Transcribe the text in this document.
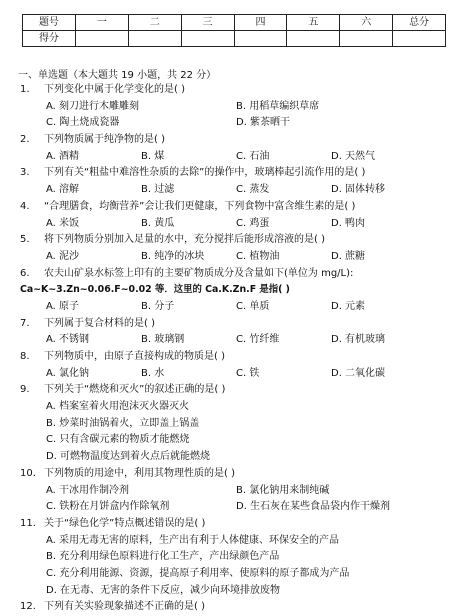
题号	一	二	三	四	五	六	总分
得分							
一、单选题（本大题共 19 小题，共 22 分）
1.	下列变化中属于化学变化的是( )
A. 刻刀进行木雕雕刻	B. 用稻草编织草席
C. 陶土烧成瓷器	D. 紫茶晒干
2.	下列物质属于纯净物的是( )
A. 酒精	B. 煤	C. 石油	D. 天然气
3.	下列有关“粗盐中难溶性杂质的去除”的操作中，玻璃棒起引流作用的是( )
A. 溶解	B. 过滤	C. 蒸发	D. 固体转移
4.	“合理膳食，均衡营养”会让我们更健康，下列食物中富含维生素的是( )
A. 米饭	B. 黄瓜	C. 鸡蛋	D. 鸭肉
5.	将下列物质分别加入足量的水中，充分搅拌后能形成溶液的是( )
A. 泥沙	B. 纯净的冰块	C. 植物油	D. 蔗糖
6.	农夫山矿泉水标签上印有的主要矿物质成分及含量如下(单位为 mg/L):
Ca~K~3.Zn~0.06.F~0.02 等．这里的 Ca.K.Zn.F 是指( )
A. 原子	B. 分子	C. 单质	D. 元素
7.	下列属于复合材料的是( )
A. 不锈钢	B. 玻璃钢	C. 竹纤维	D. 有机玻璃
8.	下列物质中，由原子直接构成的物质是( )
A. 氯化钠	B. 水	C. 铁	D. 二氧化碳
9.	下列关于“燃烧和灭火”的叙述正确的是( )
A. 档案室着火用泡沫灭火器灭火
B. 炒菜时油锅着火，立即盖上锅盖
C. 只有含碳元素的物质才能燃烧
D. 可燃物温度达到着火点后就能燃烧
10. 下列物质的用途中，利用其物理性质的是( )
A. 干冰用作制冷剂	B. 氯化钠用来制纯碱
C. 铁粉在月饼盒内作除氧剂	D. 生石灰在某些食品袋内作干燥剂
11. 关于“绿色化学”特点概述错误的是( )
A. 采用无毒无害的原料，生产出有利于人体健康、环保安全的产品
B. 充分利用绿色原料进行化工生产，产出绿颜色产品
C. 充分利用能源、资源，提高原子利用率、使原料的原子都成为产品
D. 在无毒、无害的条件下反应，减少向环境排放废物
12. 下列有关实验现象描述不正确的是( )
